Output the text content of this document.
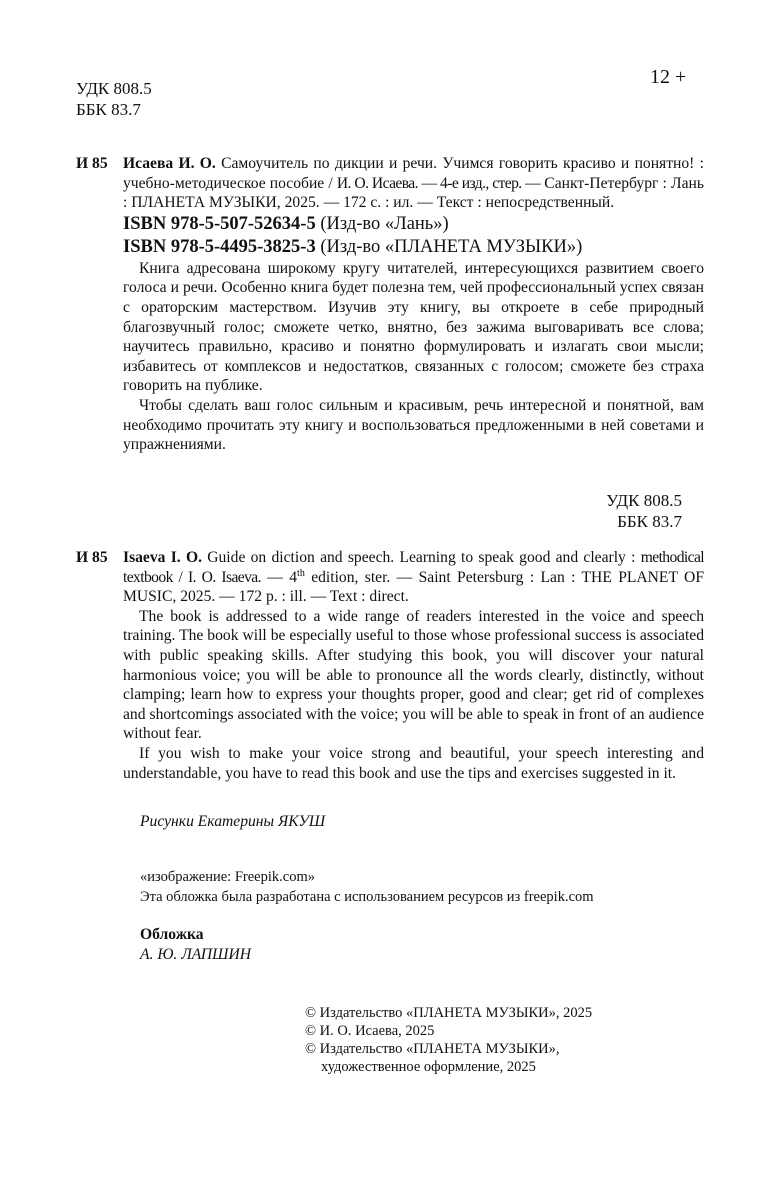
УДК 808.5
ББК 83.7
12 +
И 85 Исаева И. О. Самоучитель по дикции и речи. Учимся говорить красиво и понятно! : учебно-методическое пособие / И. О. Исаева. — 4-е изд., стер. — Санкт-Петербург : Лань : ПЛАНЕТА МУЗЫКИ, 2025. — 172 с. : ил. — Текст : непосредственный.

ISBN 978-5-507-52634-5 (Изд-во «Лань»)

ISBN 978-5-4495-3825-3 (Изд-во «ПЛАНЕТА МУЗЫКИ»)

Книга адресована широкому кругу читателей, интересующихся развитием своего голоса и речи. Особенно книга будет полезна тем, чей профессиональный успех связан с ораторским мастерством. Изучив эту книгу, вы откроете в себе природный благозвучный голос; сможете четко, внятно, без зажима выговаривать все слова; научитесь правильно, красиво и понятно формулировать и излагать свои мысли; избавитесь от комплексов и недостатков, связанных с голосом; сможете без страха говорить на публике.

Чтобы сделать ваш голос сильным и красивым, речь интересной и понятной, вам необходимо прочитать эту книгу и воспользоваться предложенными в ней советами и упражнениями.

УДК 808.5
ББК 83.7
И 85 Isaeva I. O. Guide on diction and speech. Learning to speak good and clearly : methodical textbook / I. O. Isaeva. — 4th edition, ster. — Saint Petersburg : Lan : THE PLANET OF MUSIC, 2025. — 172 p. : ill. — Text : direct.

The book is addressed to a wide range of readers interested in the voice and speech training. The book will be especially useful to those whose professional success is associated with public speaking skills. After studying this book, you will discover your natural harmonious voice; you will be able to pronounce all the words clearly, distinctly, without clamping; learn how to express your thoughts proper, good and clear; get rid of complexes and shortcomings associated with the voice; you will be able to speak in front of an audience without fear.

If you wish to make your voice strong and beautiful, your speech interesting and understandable, you have to read this book and use the tips and exercises suggested in it.

Рисунки Екатерины ЯКУШ
«изображение: Freepik.com»
Эта обложка была разработана с использованием ресурсов из freepik.com
Обложка
А. Ю. ЛАПШИН
© Издательство «ПЛАНЕТА МУЗЫКИ», 2025
© И. О. Исаева, 2025
© Издательство «ПЛАНЕТА МУЗЫКИ»,
художественное оформление, 2025
